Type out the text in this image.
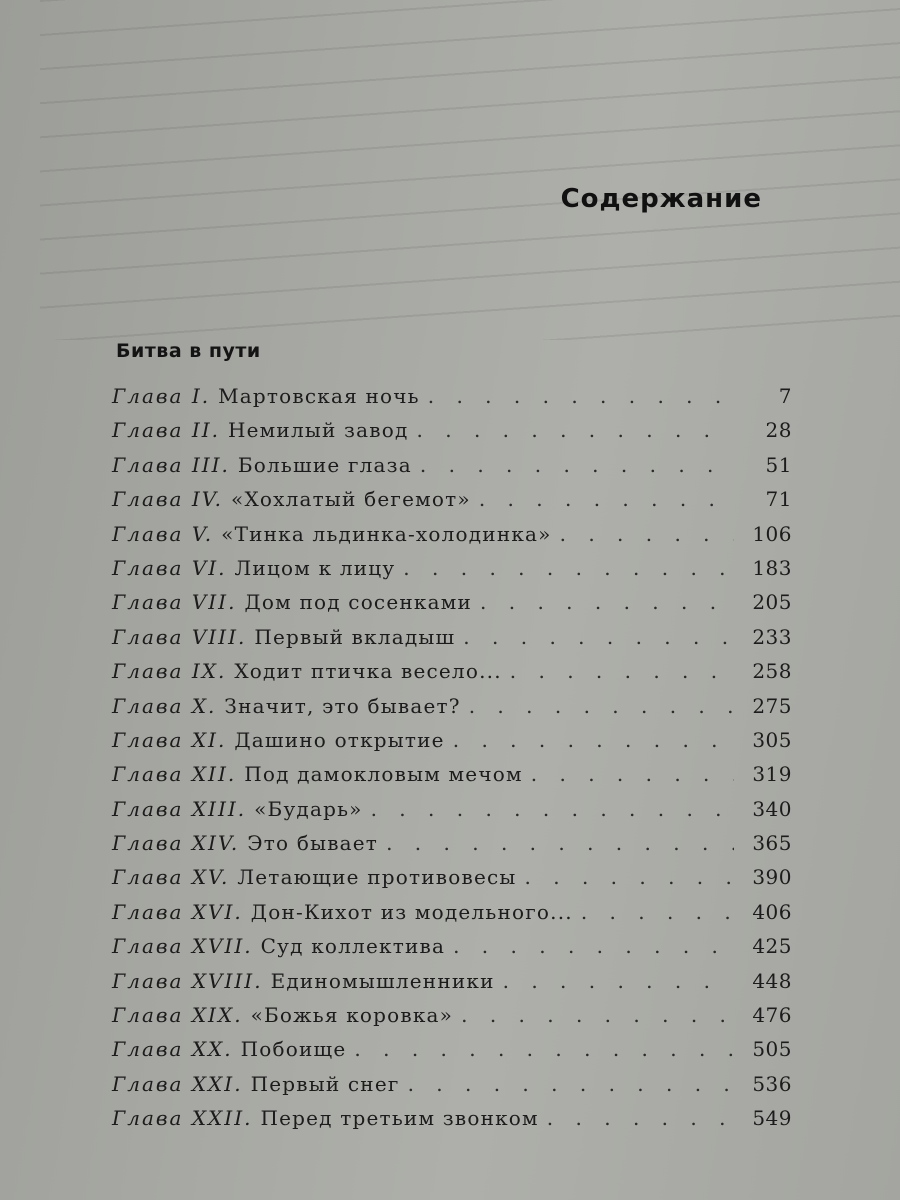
Содержание
Битва в пути
Глава I. Мартовская ночь . . .	7
Глава II. Немилый завод . . .	28
Глава III. Большие глаза . . .	51
Глава IV. «Хохлатый бегемот» . . .	71
Глава V. «Тинка льдинка-холодинка» . . .	106
Глава VI. Лицом к лицу . . .	183
Глава VII. Дом под сосенками . . .	205
Глава VIII. Первый вкладыш . . .	233
Глава IX. Ходит птичка весело... . . .	258
Глава X. Значит, это бывает? . . .	275
Глава XI. Дашино открытие . . .	305
Глава XII. Под дамокловым мечом . . .	319
Глава XIII. «Бударь» . . .	340
Глава XIV. Это бывает . . .	365
Глава XV. Летающие противовесы . . .	390
Глава XVI. Дон-Кихот из модельного... . . .	406
Глава XVII. Суд коллектива . . .	425
Глава XVIII. Единомышленники . . .	448
Глава XIX. «Божья коровка» . . .	476
Глава XX. Побоище . . .	505
Глава XXI. Первый снег . . .	536
Глава XXII. Перед третьим звонком . . .	549
